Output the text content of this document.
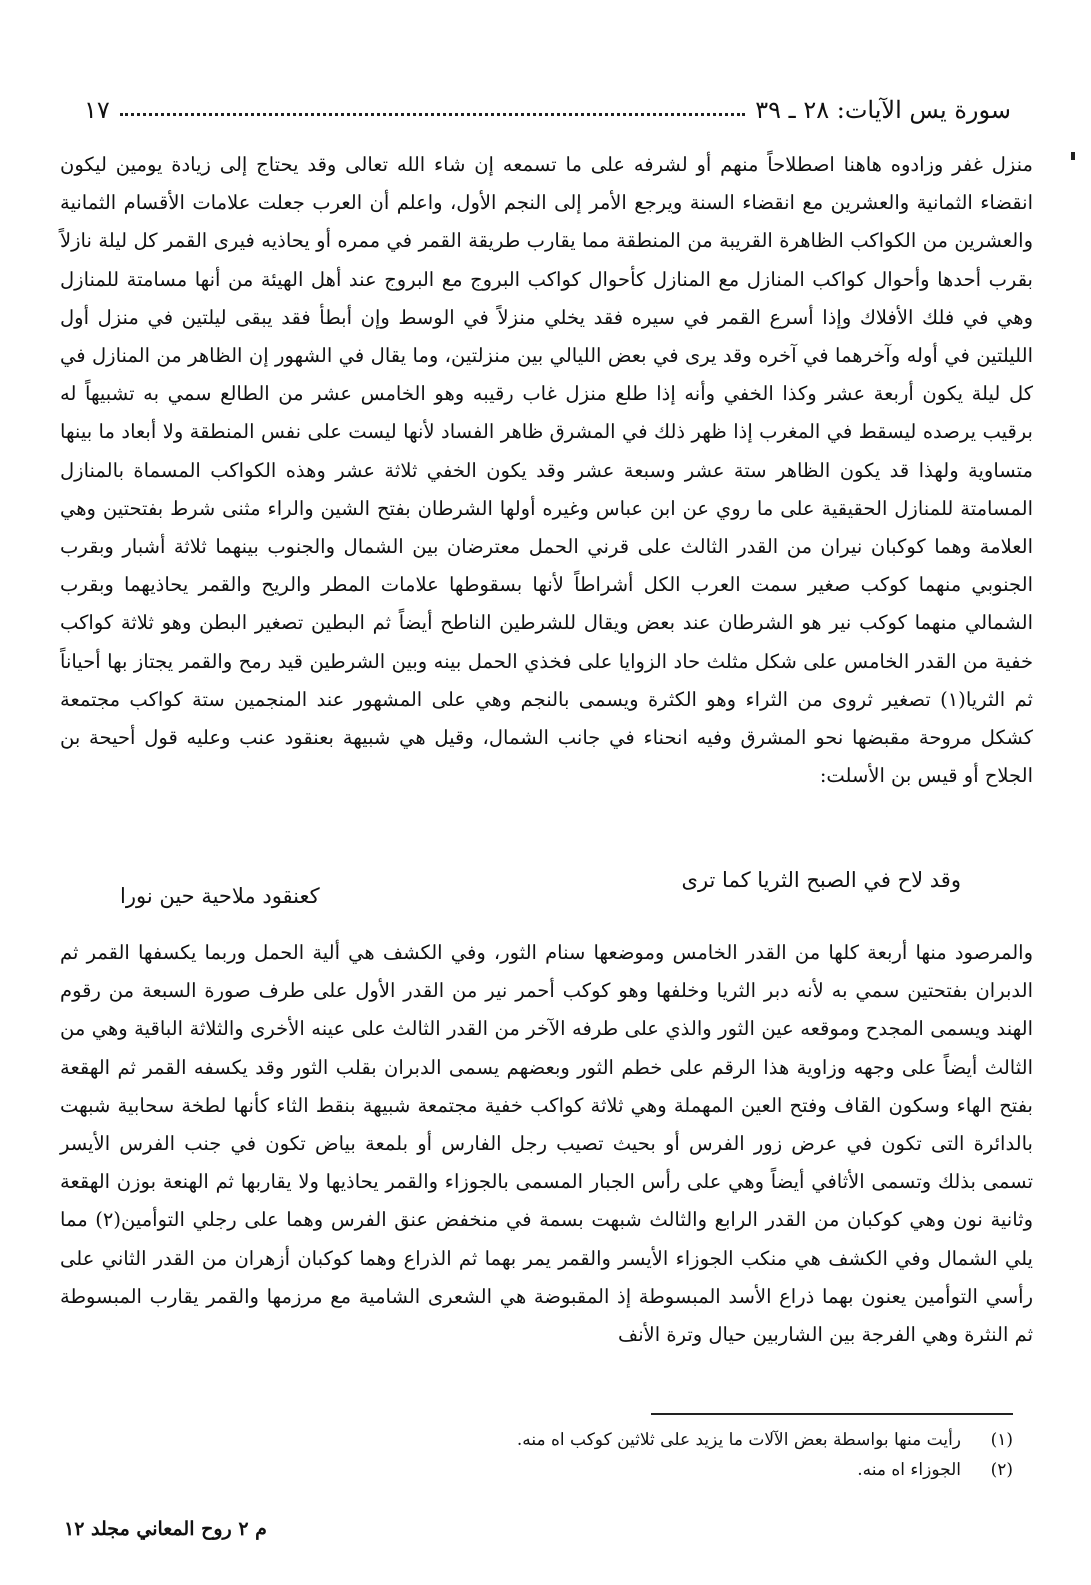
سورة يس الآيات: ٢٨ ـ ٣٩
١٧

منزل غفر وزادوه هاهنا اصطلاحاً منهم أو لشرفه على ما تسمعه إن شاء الله تعالى وقد يحتاج إلى زيادة يومين ليكون انقضاء الثمانية والعشرين مع انقضاء السنة ويرجع الأمر إلى النجم الأول، واعلم أن العرب جعلت علامات الأقسام الثمانية والعشرين من الكواكب الظاهرة القريبة من المنطقة مما يقارب طريقة القمر في ممره أو يحاذيه فيرى القمر كل ليلة نازلاً بقرب أحدها وأحوال كواكب المنازل مع المنازل كأحوال كواكب البروج مع البروج عند أهل الهيئة من أنها مسامتة للمنازل وهي في فلك الأفلاك وإذا أسرع القمر في سيره فقد يخلي منزلاً في الوسط وإن أبطأ فقد يبقى ليلتين في منزل أول الليلتين في أوله وآخرهما في آخره وقد يرى في بعض الليالي بين منزلتين، وما يقال في الشهور إن الظاهر من المنازل في كل ليلة يكون أربعة عشر وكذا الخفي وأنه إذا طلع منزل غاب رقيبه وهو الخامس عشر من الطالع سمي به تشبيهاً له برقيب يرصده ليسقط في المغرب إذا ظهر ذلك في المشرق ظاهر الفساد لأنها ليست على نفس المنطقة ولا أبعاد ما بينها متساوية ولهذا قد يكون الظاهر ستة عشر وسبعة عشر وقد يكون الخفي ثلاثة عشر وهذه الكواكب المسماة بالمنازل المسامتة للمنازل الحقيقية على ما روي عن ابن عباس وغيره أولها الشرطان بفتح الشين والراء مثنى شرط بفتحتين وهي العلامة وهما كوكبان نيران من القدر الثالث على قرني الحمل معترضان بين الشمال والجنوب بينهما ثلاثة أشبار وبقرب الجنوبي منهما كوكب صغير سمت العرب الكل أشراطاً لأنها بسقوطها علامات المطر والريح والقمر يحاذيهما وبقرب الشمالي منهما كوكب نير هو الشرطان عند بعض ويقال للشرطين الناطح أيضاً ثم البطين تصغير البطن وهو ثلاثة كواكب خفية من القدر الخامس على شكل مثلث حاد الزوايا على فخذي الحمل بينه وبين الشرطين قيد رمح والقمر يجتاز بها أحياناً ثم الثريا(١) تصغير ثروى من الثراء وهو الكثرة ويسمى بالنجم وهي على المشهور عند المنجمين ستة كواكب مجتمعة كشكل مروحة مقبضها نحو المشرق وفيه انحناء في جانب الشمال، وقيل هي شبيهة بعنقود عنب وعليه قول أحيحة بن الجلاح أو قيس بن الأسلت:

وقد لاح في الصبح الثريا كما ترى
كعنقود ملاحية حين نورا

والمرصود منها أربعة كلها من القدر الخامس وموضعها سنام الثور، وفي الكشف هي ألية الحمل وربما يكسفها القمر ثم الدبران بفتحتين سمي به لأنه دبر الثريا وخلفها وهو كوكب أحمر نير من القدر الأول على طرف صورة السبعة من رقوم الهند ويسمى المجدح وموقعه عين الثور والذي على طرفه الآخر من القدر الثالث على عينه الأخرى والثلاثة الباقية وهي من الثالث أيضاً على وجهه وزاوية هذا الرقم على خطم الثور وبعضهم يسمى الدبران بقلب الثور وقد يكسفه القمر ثم الهقعة بفتح الهاء وسكون القاف وفتح العين المهملة وهي ثلاثة كواكب خفية مجتمعة شبيهة بنقط الثاء كأنها لطخة سحابية شبهت بالدائرة التى تكون في عرض زور الفرس أو بحيث تصيب رجل الفارس أو بلمعة بياض تكون في جنب الفرس الأيسر تسمى بذلك وتسمى الأثافي أيضاً وهي على رأس الجبار المسمى بالجوزاء والقمر يحاذيها ولا يقاربها ثم الهنعة بوزن الهقعة وثانية نون وهي كوكبان من القدر الرابع والثالث شبهت بسمة في منخفض عنق الفرس وهما على رجلي التوأمين(٢) مما يلي الشمال وفي الكشف هي منكب الجوزاء الأيسر والقمر يمر بهما ثم الذراع وهما كوكبان أزهران من القدر الثاني على رأسي التوأمين يعنون بهما ذراع الأسد المبسوطة إذ المقبوضة هي الشعرى الشامية مع مرزمها والقمر يقارب المبسوطة ثم النثرة وهي الفرجة بين الشاربين حيال وترة الأنف

(١)
رأيت منها بواسطة بعض الآلات ما يزيد على ثلاثين كوكب اه منه.
(٢)
الجوزاء اه منه.
م ٢ روح المعاني مجلد ١٢
